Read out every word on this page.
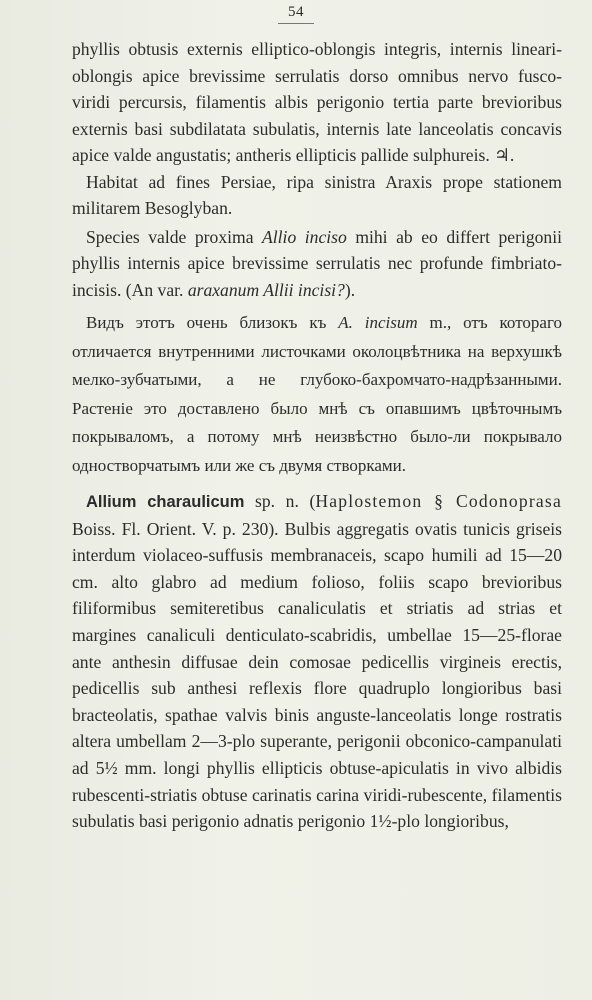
54

phyllis obtusis externis elliptico-oblongis integris, internis lineari-oblongis apice brevissime serrulatis dorso omnibus nervo fusco-viridi percursis, filamentis albis perigonio tertia parte brevioribus externis basi subdilatata subulatis, internis late lanceolatis concavis apice valde angustatis; antheris ellipticis pallide sulphureis. ♃.

Habitat ad fines Persiae, ripa sinistra Araxis prope stationem militarem Besoglyban.

Species valde proxima Allio inciso mihi ab eo differt perigonii phyllis internis apice brevissime serrulatis nec profunde fimbriato-incisis. (An var. araxanum Allii incisi?).

Видъ этотъ очень близокъ къ A. incisum m., отъ котораго отличается внутренними листочками околоцвѣтника на верхушкѣ мелко-зубчатыми, а не глубоко-бахромчато-надрѣзанными. Растенiе это доставлено было мнѣ съ опавшимъ цвѣточнымъ покрываломъ, а потому мнѣ неизвѣстно было-ли покрывало одностворчатымъ или же съ двумя створками.

Allium charaulicum sp. n. (Haplostemon § Codonoprasa Boiss. Fl. Orient. V. p. 230). Bulbis aggregatis ovatis tunicis griseis interdum violaceo-suffusis membranaceis, scapo humili ad 15—20 cm. alto glabro ad medium folioso, foliis scapo brevioribus filiformibus semiteretibus canaliculatis et striatis ad strias et margines canaliculi denticulato-scabridis, umbellae 15—25-florae ante anthesin diffusae dein comosae pedicellis virgineis erectis, pedicellis sub anthesi reflexis flore quadruplo longioribus basi bracteolatis, spathae valvis binis anguste-lanceolatis longe rostratis altera umbellam 2—3-plo superante, perigonii obconico-campanulati ad 5½ mm. longi phyllis ellipticis obtuse-apiculatis in vivo albidis rubescenti-striatis obtuse carinatis carina viridi-rubescente, filamentis subulatis basi perigonio adnatis perigonio 1½-plo longioribus,
